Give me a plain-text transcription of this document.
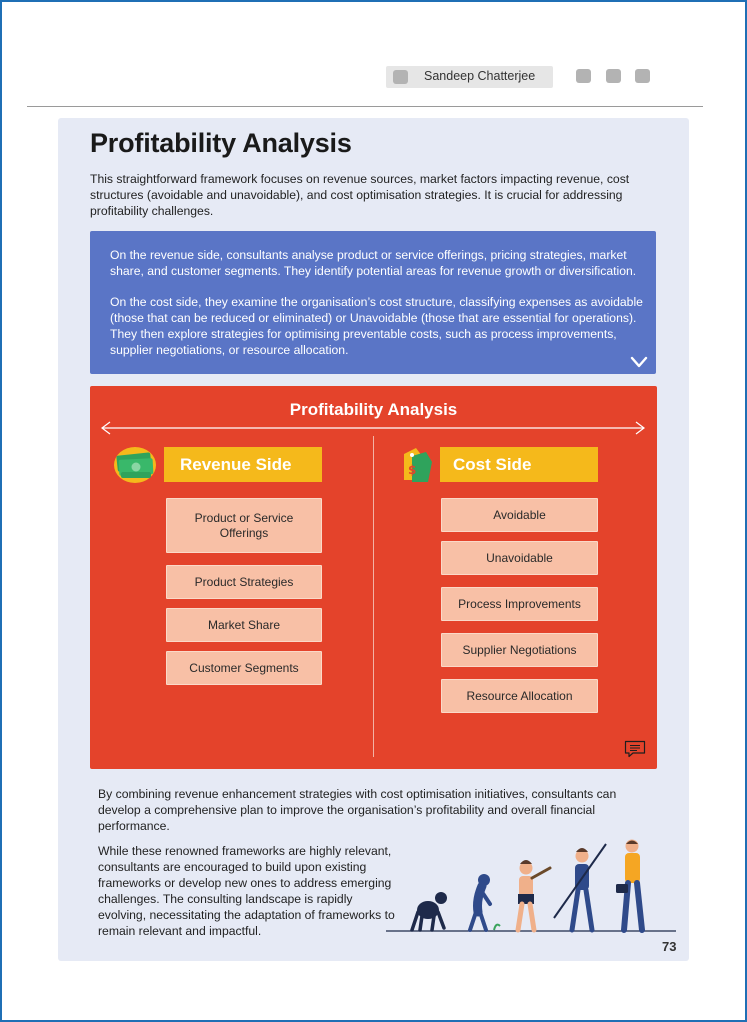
Sandeep Chatterjee
Profitability Analysis

This straightforward framework focuses on revenue sources, market factors impacting revenue, cost structures (avoidable and unavoidable), and cost optimisation strategies. It is crucial for addressing profitability challenges.

On the revenue side, consultants analyse product or service offerings, pricing strategies, market share, and customer segments. They identify potential areas for revenue growth or diversification.

On the cost side, they examine the organisation’s cost structure, classifying expenses as avoidable (those that can be reduced or eliminated) or Unavoidable (those that are essential for operations). They then explore strategies for optimising preventable costs, such as process improvements, supplier negotiations, or resource allocation.

Profitability Analysis
Revenue Side
Product or Service Offerings
Product Strategies
Market Share
Customer Segments
$	Cost Side
Avoidable
Unavoidable
Process Improvements
Supplier Negotiations
Resource Allocation

By combining revenue enhancement strategies with cost optimisation initiatives, consultants can develop a comprehensive plan to improve the organisation’s profitability and overall financial performance.

While these renowned frameworks are highly relevant, consultants are encouraged to build upon existing frameworks or develop new ones to address emerging challenges. The consulting landscape is rapidly evolving, necessitating the adaptation of frameworks to remain relevant and impactful.

73
